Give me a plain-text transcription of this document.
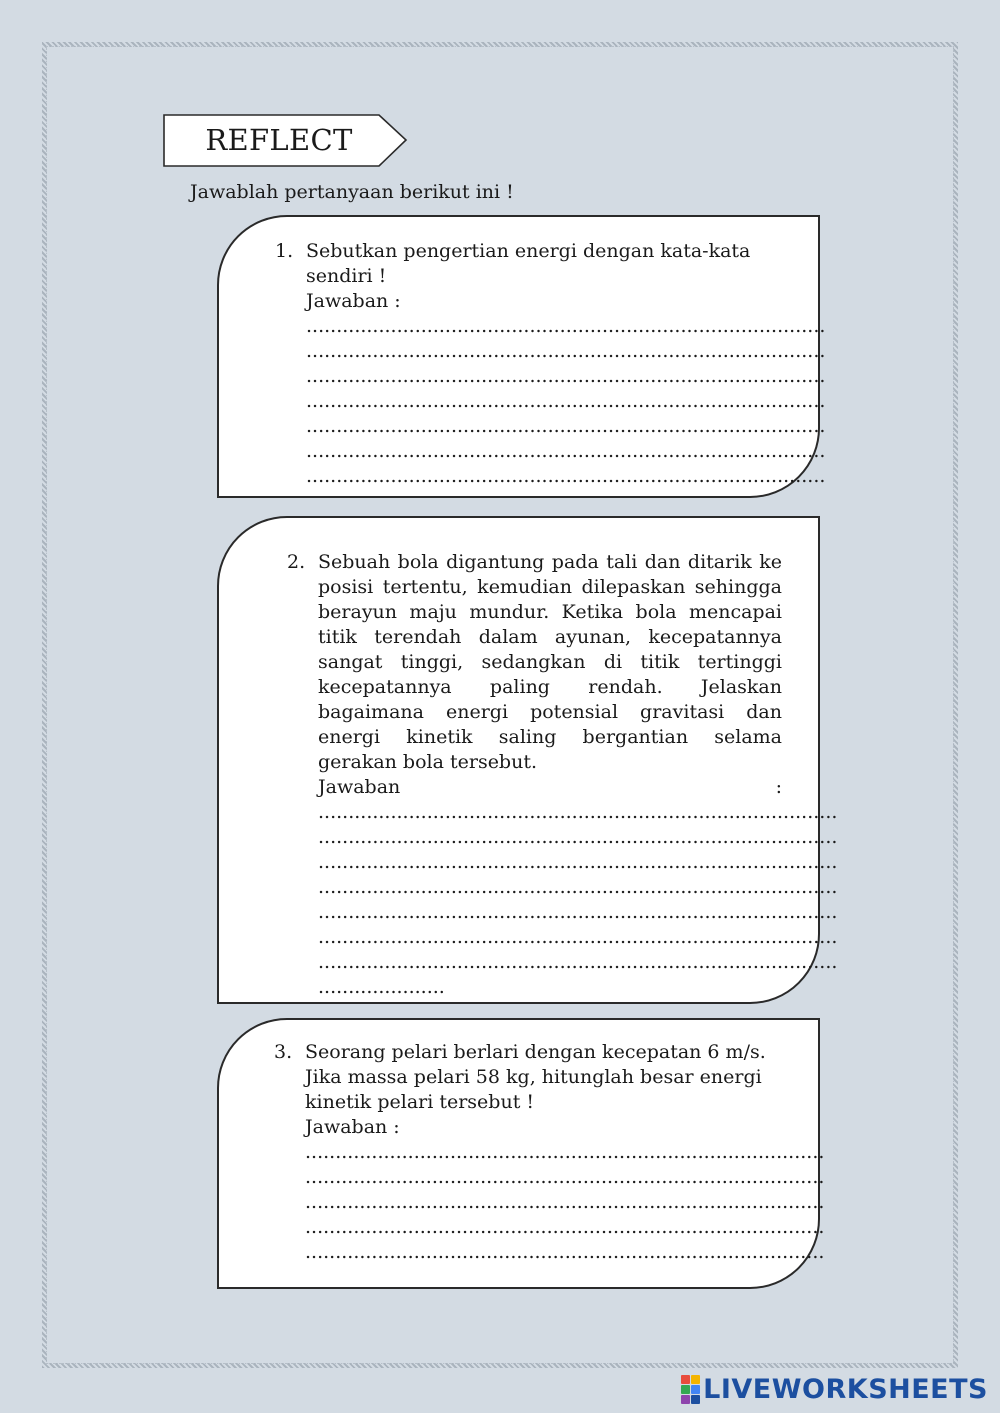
REFLECT
Jawablah pertanyaan berikut ini !
1. Sebutkan pengertian energi dengan kata-kata sendiri !
Jawaban :
......................................................................................
......................................................................................
......................................................................................
......................................................................................
......................................................................................
......................................................................................
......................................................................................
2. Sebuah bola digantung pada tali dan ditarik ke posisi tertentu, kemudian dilepaskan sehingga berayun maju mundur. Ketika bola mencapai titik terendah dalam ayunan, kecepatannya sangat tinggi, sedangkan di titik tertinggi kecepatannya paling rendah. Jelaskan bagaimana energi potensial gravitasi dan energi kinetik saling bergantian selama gerakan bola tersebut.
Jawaban	:
......................................................................................
......................................................................................
......................................................................................
......................................................................................
......................................................................................
......................................................................................
......................................................................................
.....................
3. Seorang pelari berlari dengan kecepatan 6 m/s. Jika massa pelari 58 kg, hitunglah besar energi kinetik pelari tersebut !
Jawaban :
......................................................................................
......................................................................................
......................................................................................
......................................................................................
......................................................................................
LIVEWORKSHEETS
